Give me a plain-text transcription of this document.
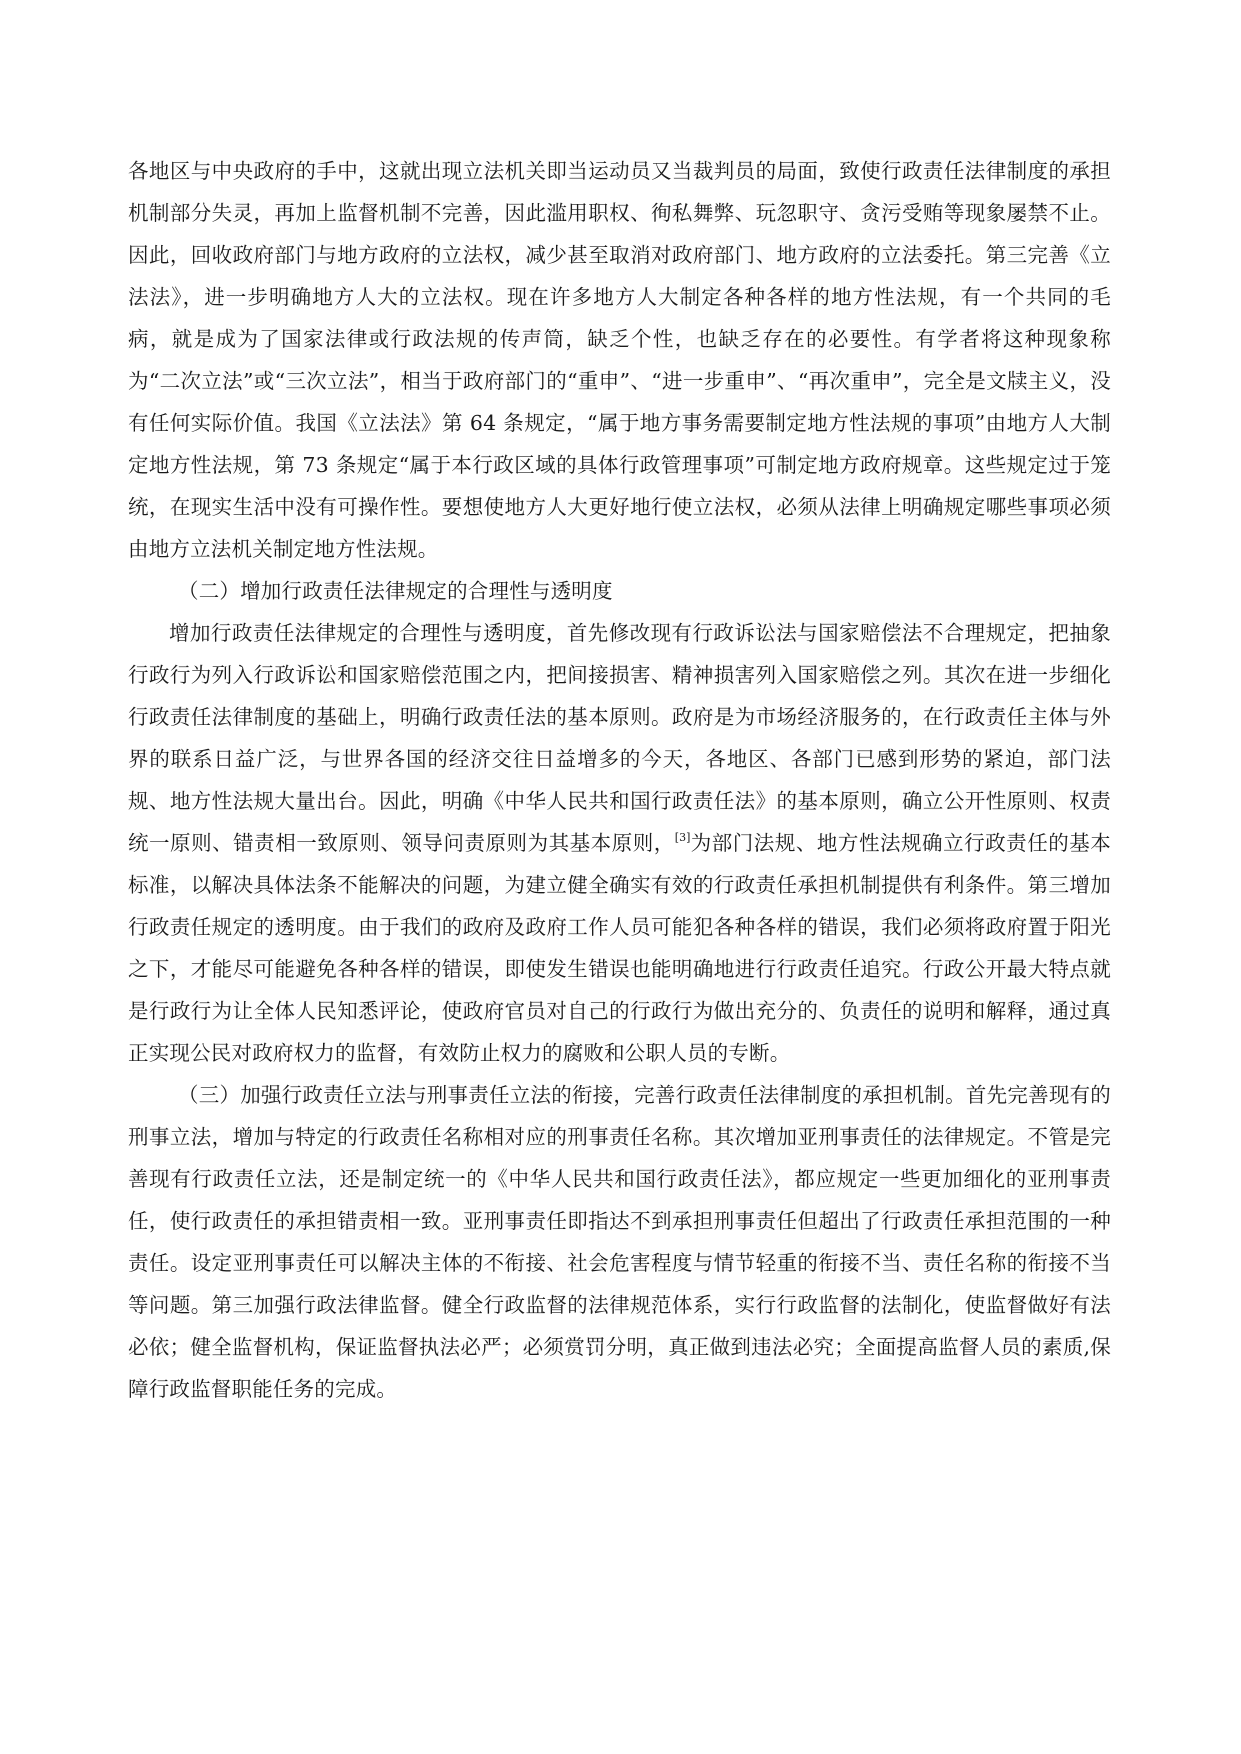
各地区与中央政府的手中，这就出现立法机关即当运动员又当裁判员的局面，致使行政责任法律制度的承担机制部分失灵，再加上监督机制不完善，因此滥用职权、徇私舞弊、玩忽职守、贪污受贿等现象屡禁不止。因此，回收政府部门与地方政府的立法权，减少甚至取消对政府部门、地方政府的立法委托。第三完善《立法法》，进一步明确地方人大的立法权。现在许多地方人大制定各种各样的地方性法规，有一个共同的毛病，就是成为了国家法律或行政法规的传声筒，缺乏个性，也缺乏存在的必要性。有学者将这种现象称为“二次立法”或“三次立法”，相当于政府部门的“重申”、“进一步重申”、“再次重申”，完全是文牍主义，没有任何实际价值。我国《立法法》第 64 条规定，“属于地方事务需要制定地方性法规的事项”由地方人大制定地方性法规，第 73 条规定“属于本行政区域的具体行政管理事项”可制定地方政府规章。这些规定过于笼统，在现实生活中没有可操作性。要想使地方人大更好地行使立法权，必须从法律上明确规定哪些事项必须由地方立法机关制定地方性法规。

（二）增加行政责任法律规定的合理性与透明度

增加行政责任法律规定的合理性与透明度，首先修改现有行政诉讼法与国家赔偿法不合理规定，把抽象行政行为列入行政诉讼和国家赔偿范围之内，把间接损害、精神损害列入国家赔偿之列。其次在进一步细化行政责任法律制度的基础上，明确行政责任法的基本原则。政府是为市场经济服务的，在行政责任主体与外界的联系日益广泛，与世界各国的经济交往日益增多的今天，各地区、各部门已感到形势的紧迫，部门法规、地方性法规大量出台。因此，明确《中华人民共和国行政责任法》的基本原则，确立公开性原则、权责统一原则、错责相一致原则、领导问责原则为其基本原则，[3]为部门法规、地方性法规确立行政责任的基本标准，以解决具体法条不能解决的问题，为建立健全确实有效的行政责任承担机制提供有利条件。第三增加行政责任规定的透明度。由于我们的政府及政府工作人员可能犯各种各样的错误，我们必须将政府置于阳光之下，才能尽可能避免各种各样的错误，即使发生错误也能明确地进行行政责任追究。行政公开最大特点就是行政行为让全体人民知悉评论，使政府官员对自己的行政行为做出充分的、负责任的说明和解释，通过真正实现公民对政府权力的监督，有效防止权力的腐败和公职人员的专断。

（三）加强行政责任立法与刑事责任立法的衔接，完善行政责任法律制度的承担机制。首先完善现有的刑事立法，增加与特定的行政责任名称相对应的刑事责任名称。其次增加亚刑事责任的法律规定。不管是完善现有行政责任立法，还是制定统一的《中华人民共和国行政责任法》，都应规定一些更加细化的亚刑事责任，使行政责任的承担错责相一致。亚刑事责任即指达不到承担刑事责任但超出了行政责任承担范围的一种责任。设定亚刑事责任可以解决主体的不衔接、社会危害程度与情节轻重的衔接不当、责任名称的衔接不当等问题。第三加强行政法律监督。健全行政监督的法律规范体系，实行行政监督的法制化，使监督做好有法必依；健全监督机构，保证监督执法必严；必须赏罚分明，真正做到违法必究；全面提高监督人员的素质,保障行政监督职能任务的完成。
